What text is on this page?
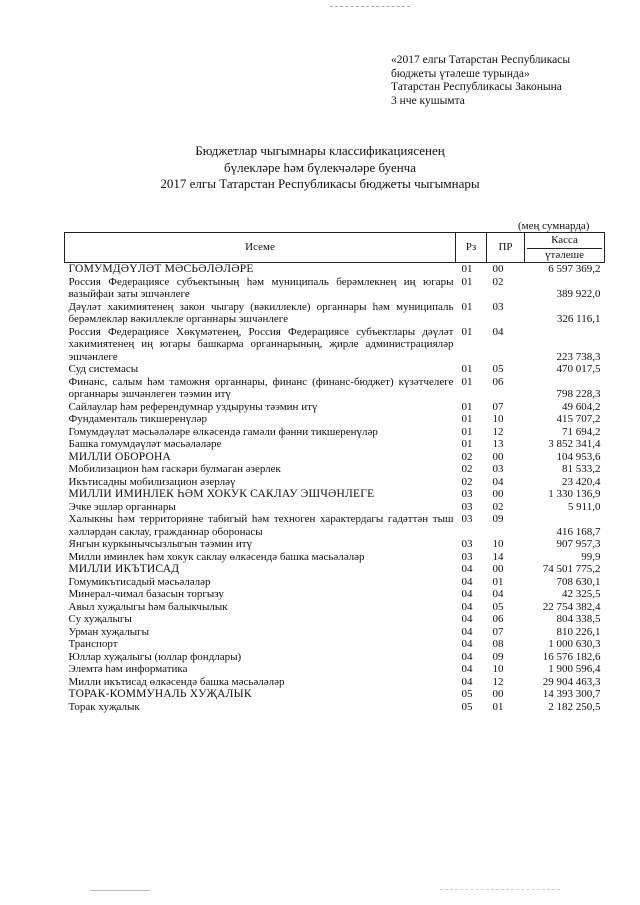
«2017 елгы Татарстан Республикасы
бюджеты үтәлеше турында»
Татарстан Республикасы Законына
3 нче кушымта
Бюджетлар чыгымнары классификациясенең
бүлекләре һәм бүлекчәләре буенча
2017 елгы Татарстан Республикасы бюджеты чыгымнары
(мең сумнарда)
Исеме	Рз	ПР	Касса
үтәлеше

ГОМУМДӘҮЛӘТ МӘСЬӘЛӘЛӘРЕ	01	00	6 597 369,2
Россия Федерациясе субъектының һәм муниципаль берәмлекнең иң югары вазыйфаи заты эшчәнлеге	01	02	389 922,0
Дәүләт хакимиятенең закон чыгару (вәкиллекле) органнары һәм муниципаль берәмлекләр вәкиллекле органнары эшчәнлеге	01	03	326 116,1
Россия Федерациясе Хөкүмәтенең, Россия Федерациясе субъектлары дәүләт хакимиятенең иң югары башкарма органнарының, җирле администрацияләр эшчәнлеге	01	04	223 738,3
Суд системасы	01	05	470 017,5
Финанс, салым һәм таможня органнары, финанс (финанс-бюджет) күзәтчелеге органнары эшчәнлеген тәэмин итү	01	06	798 228,3
Сайлаулар һәм референдумнар уздыруны тәэмин итү	01	07	49 604,2
Фундаменталь тикшеренүләр	01	10	415 707,2
Гомумдәүләт мәсьәләләре өлкәсендә гамәли фәнни тикшеренүләр	01	12	71 694,2
Башка гомумдәүләт мәсьәләләре	01	13	3 852 341,4
МИЛЛИ ОБОРОНА	02	00	104 953,6
Мобилизацион һәм гаскәри булмаган әзерлек	02	03	81 533,2
Икътисадны мобилизацион әзерләү	02	04	23 420,4
МИЛЛИ ИМИНЛЕК ҺӘМ ХОКУК САКЛАУ ЭШЧӘНЛЕГЕ	03	00	1 330 136,9
Эчке эшләр органнары	03	02	5 911,0
Халыкны һәм территорияне табигый һәм техноген характердагы гадәттән тыш хәлләрдән саклау, гражданнар оборонасы	03	09	416 168,7
Янгын куркынычсызлыгын тәэмин итү	03	10	907 957,3
Милли иминлек һәм хокук саклау өлкәсендә башка мәсьәләләр	03	14	99,9
МИЛЛИ ИКЪТИСАД	04	00	74 501 775,2
Гомумикътисадый мәсьәләләр	04	01	708 630,1
Минерал-чимал базасын торгызу	04	04	42 325,5
Авыл хуҗалыгы һәм балыкчылык	04	05	22 754 382,4
Су хуҗалыгы	04	06	804 338,5
Урман хуҗалыгы	04	07	810 226,1
Транспорт	04	08	1 000 630,3
Юллар хуҗалыгы (юллар фондлары)	04	09	16 576 182,6
Элемтә һәм информатика	04	10	1 900 596,4
Милли икътисад өлкәсендә башка мәсьәләләр	04	12	29 904 463,3
ТОРАК-КОММУНАЛЬ ХУҖАЛЫК	05	00	14 393 300,7
Торак хуҗалык	05	01	2 182 250,5
